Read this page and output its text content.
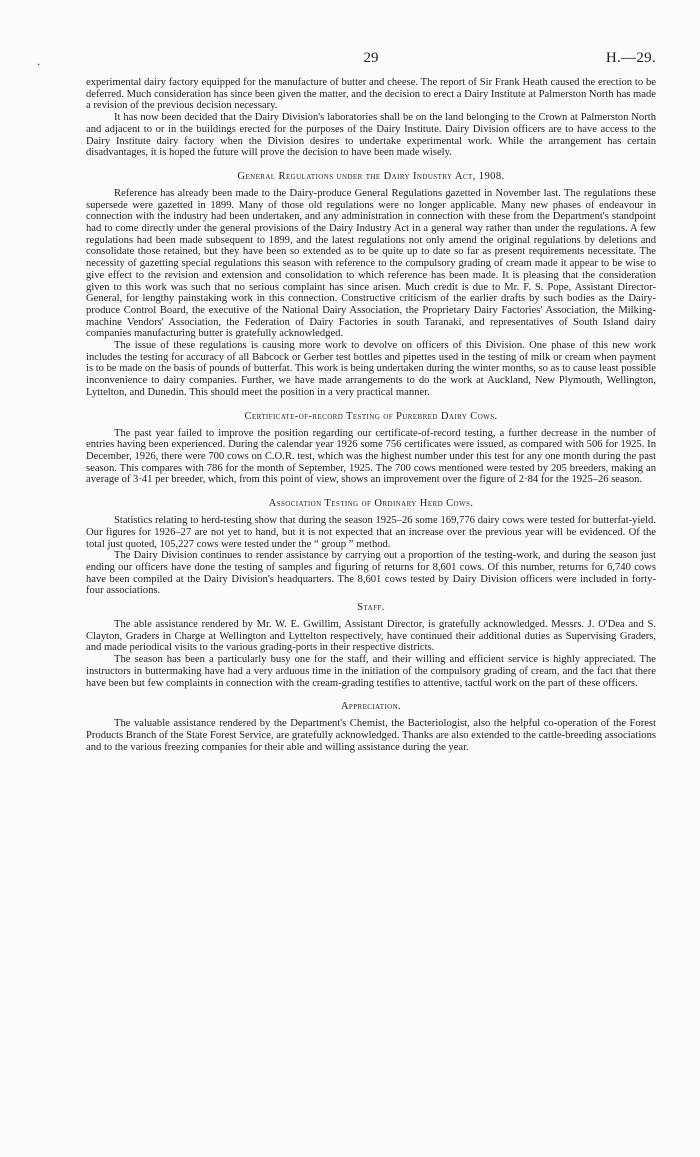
·	29	H.—29.

experimental dairy factory equipped for the manufacture of butter and cheese. The report of Sir Frank Heath caused the erection to be deferred. Much consideration has since been given the matter, and the decision to erect a Dairy Institute at Palmerston North has made a revision of the previous decision necessary.

It has now been decided that the Dairy Division's laboratories shall be on the land belonging to the Crown at Palmerston North and adjacent to or in the buildings erected for the purposes of the Dairy Institute. Dairy Division officers are to have access to the Dairy Institute dairy factory when the Division desires to undertake experimental work. While the arrangement has certain disadvantages, it is hoped the future will prove the decision to have been made wisely.

General Regulations under the Dairy Industry Act, 1908.

Reference has already been made to the Dairy-produce General Regulations gazetted in November last. The regulations these supersede were gazetted in 1899. Many of those old regulations were no longer applicable. Many new phases of endeavour in connection with the industry had been undertaken, and any administration in connection with these from the Department's standpoint had to come directly under the general provisions of the Dairy Industry Act in a general way rather than under the regulations. A few regulations had been made subsequent to 1899, and the latest regulations not only amend the original regulations by deletions and consolidate those retained, but they have been so extended as to be quite up to date so far as present requirements necessitate. The necessity of gazetting special regulations this season with reference to the compulsory grading of cream made it appear to be wise to give effect to the revision and extension and consolidation to which reference has been made. It is pleasing that the consideration given to this work was such that no serious complaint has since arisen. Much credit is due to Mr. F. S. Pope, Assistant Director-General, for lengthy painstaking work in this connection. Constructive criticism of the earlier drafts by such bodies as the Dairy-produce Control Board, the executive of the National Dairy Association, the Proprietary Dairy Factories' Association, the Milking-machine Vendors' Association, the Federation of Dairy Factories in south Taranaki, and representatives of South Island dairy companies manufacturing butter is gratefully acknowledged.

The issue of these regulations is causing more work to devolve on officers of this Division. One phase of this new work includes the testing for accuracy of all Babcock or Gerber test bottles and pipettes used in the testing of milk or cream when payment is to be made on the basis of pounds of butterfat. This work is being undertaken during the winter months, so as to cause least possible inconvenience to dairy companies. Further, we have made arrangements to do the work at Auckland, New Plymouth, Wellington, Lyttelton, and Dunedin. This should meet the position in a very practical manner.

Certificate-of-record Testing of Purebred Dairy Cows.

The past year failed to improve the position regarding our certificate-of-record testing, a further decrease in the number of entries having been experienced. During the calendar year 1926 some 756 certificates were issued, as compared with 506 for 1925. In December, 1926, there were 700 cows on C.O.R. test, which was the highest number under this test for any one month during the past season. This compares with 786 for the month of September, 1925. The 700 cows mentioned were tested by 205 breeders, making an average of 3·41 per breeder, which, from this point of view, shows an improvement over the figure of 2·84 for the 1925–26 season.

Association Testing of Ordinary Herd Cows.

Statistics relating to herd-testing show that during the season 1925–26 some 169,776 dairy cows were tested for butterfat-yield. Our figures for 1926–27 are not yet to hand, but it is not expected that an increase over the previous year will be evidenced. Of the total just quoted, 105,227 cows were tested under the “ group ” method.

The Dairy Division continues to render assistance by carrying out a proportion of the testing-work, and during the season just ending our officers have done the testing of samples and figuring of returns for 8,601 cows. Of this number, returns for 6,740 cows have been compiled at the Dairy Division's headquarters. The 8,601 cows tested by Dairy Division officers were included in forty-four associations.

Staff.

The able assistance rendered by Mr. W. E. Gwillim, Assistant Director, is gratefully acknowledged. Messrs. J. O'Dea and S. Clayton, Graders in Charge at Wellington and Lyttelton respectively, have continued their additional duties as Supervising Graders, and made periodical visits to the various grading-ports in their respective districts.

The season has been a particularly busy one for the staff, and their willing and efficient service is highly appreciated. The instructors in buttermaking have had a very arduous time in the initiation of the compulsory grading of cream, and the fact that there have been but few complaints in connection with the cream-grading testifies to attentive, tactful work on the part of these officers.

Appreciation.

The valuable assistance rendered by the Department's Chemist, the Bacteriologist, also the helpful co-operation of the Forest Products Branch of the State Forest Service, are gratefully acknowledged. Thanks are also extended to the cattle-breeding associations and to the various freezing companies for their able and willing assistance during the year.
